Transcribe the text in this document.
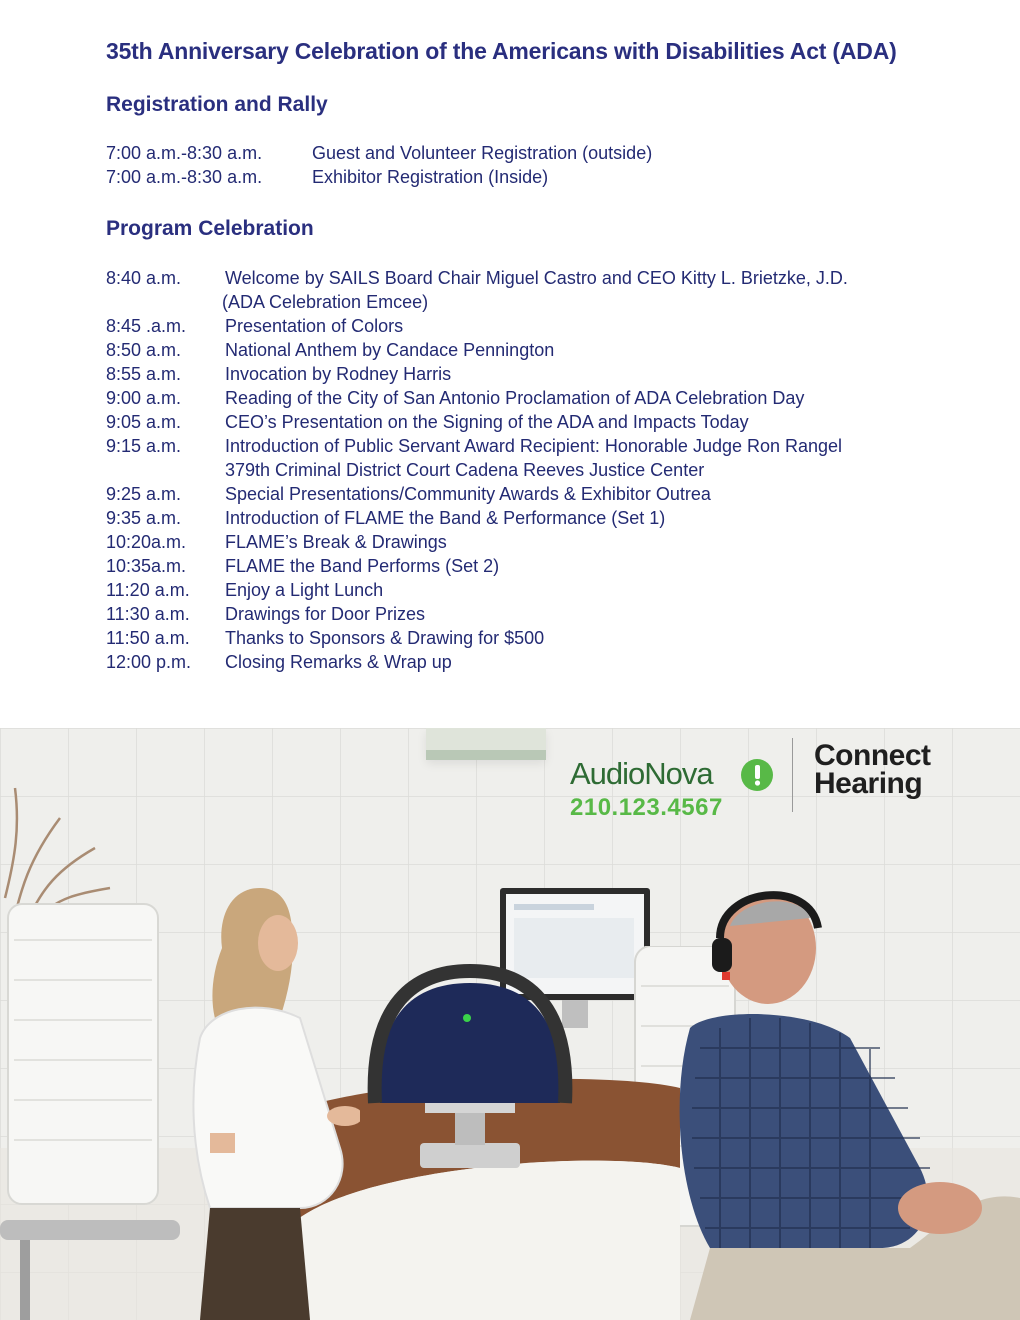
35th Anniversary Celebration of the Americans with Disabilities Act (ADA)
Registration and Rally
7:00 a.m.-8:30 a.m.	Guest and Volunteer Registration (outside)
7:00 a.m.-8:30 a.m.	Exhibitor Registration (Inside)
Program Celebration
8:40 a.m. Welcome by SAILS Board Chair Miguel Castro and CEO Kitty L. Brietzke, J.D.
(ADA Celebration Emcee)
8:45 .a.m. Presentation of Colors
8:50 a.m. National Anthem by Candace Pennington
8:55 a.m. Invocation by Rodney Harris
9:00 a.m. Reading of the City of San Antonio Proclamation of ADA Celebration Day
9:05 a.m. CEO’s Presentation on the Signing of the ADA and Impacts Today
9:15 a.m. Introduction of Public Servant Award Recipient: Honorable Judge Ron Rangel
379th Criminal District Court Cadena Reeves Justice Center
9:25 a.m. Special Presentations/Community Awards & Exhibitor Outrea
9:35 a.m. Introduction of FLAME the Band & Performance (Set 1)
10:20a.m. FLAME’s Break & Drawings
10:35a.m. FLAME the Band Performs (Set 2)
11:20 a.m. Enjoy a Light Lunch
11:30 a.m. Drawings for Door Prizes
11:50 a.m. Thanks to Sponsors & Drawing for $500
12:00 p.m. Closing Remarks & Wrap up
AudioNova
210.123.4567
Connect
Hearing
